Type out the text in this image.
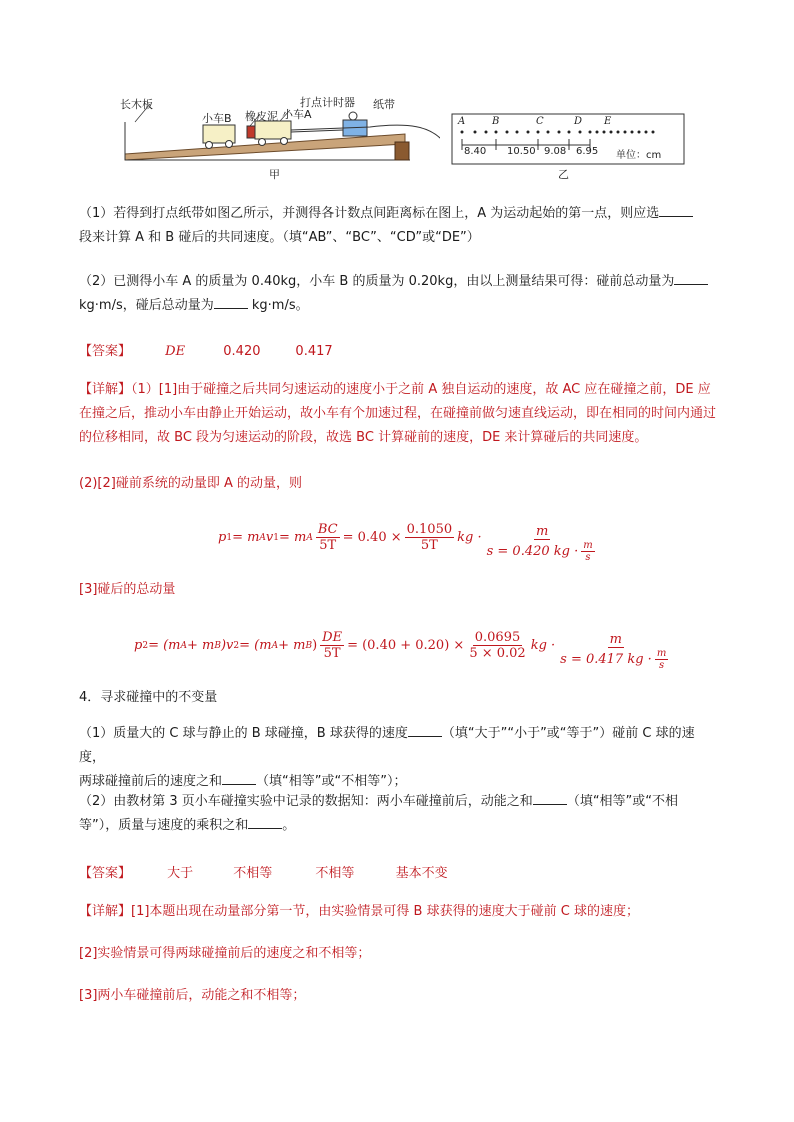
长木板
小车B 橡皮泥 小车A
打点计时器 纸带
甲
A	B	C	D E
8.40 10.50 9.08 6.95 单位：cm
乙
（1）若得到打点纸带如图乙所示，并测得各计数点间距离标在图上，A 为运动起始的第一点，则应选
段来计算 A 和 B 碰后的共同速度。（填“AB”、“BC”、“CD”或“DE”）
（2）已测得小车 A 的质量为 0.40kg，小车 B 的质量为 0.20kg，由以上测量结果可得：碰前总动量为
kg·m/s，碰后总动量为	kg·m/s。
【答案】	DE	0.420	0.417
【详解】（1）[1]由于碰撞之后共同匀速运动的速度小于之前 A 独自运动的速度，故 AC 应在碰撞之前，DE 应在撞之后，推动小车由静止开始运动，故小车有个加速过程，在碰撞前做匀速直线运动，即在相同的时间内通过的位移相同，故 BC 段为匀速运动的阶段，故选 BC 计算碰前的速度，DE 来计算碰后的共同速度。
(2)[2]碰前系统的动量即 A 的动量，则
p 1 = m A v 1 = m A $\frac{BC}{5T} = 0.40 \times \frac{0.1050}{5T}$ kg · $\frac{m}{s = 0.420 kg \cdot \frac{m}{s}}$
[3]碰后的总动量
p 2 = (m A + m B )v 2 = (m A + m B ) $\frac{DE}{5T} = (0.40 + 0.20) \times \frac{0.0695}{5 \times 0.02}$ kg · $\frac{m}{s = 0.417 kg \cdot \frac{m}{s}}$
4．寻求碰撞中的不变量
（1）质量大的 C 球与静止的 B 球碰撞，B 球获得的速度	（填“大于”“小于”或“等于”）碰前 C 球的速度，
两球碰撞前后的速度之和	（填“相等”或“不相等”）；
（2）由教材第 3 页小车碰撞实验中记录的数据知：两小车碰撞前后，动能之和	（填“相等”或“不相
等”），质量与速度的乘积之和	。
【答案】	大于	不相等	不相等	基本不变
【详解】[1]本题出现在动量部分第一节，由实验情景可得 B 球获得的速度大于碰前 C 球的速度；
[2]实验情景可得两球碰撞前后的速度之和不相等；
[3]两小车碰撞前后，动能之和不相等；
